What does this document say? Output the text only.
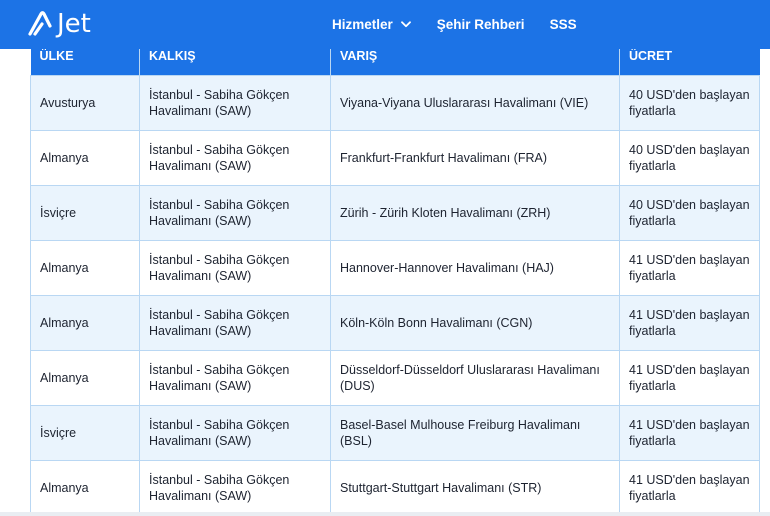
ÜLKE	KALKIŞ	VARIŞ	ÜCRET
Avusturya	İstanbul - Sabiha Gökçen Havalimanı (SAW)	Viyana-Viyana Uluslararası Havalimanı (VIE)	40 USD'den başlayan fiyatlarla
Almanya	İstanbul - Sabiha Gökçen Havalimanı (SAW)	Frankfurt-Frankfurt Havalimanı (FRA)	40 USD'den başlayan fiyatlarla
İsviçre	İstanbul - Sabiha Gökçen Havalimanı (SAW)	Zürih - Zürih Kloten Havalimanı (ZRH)	40 USD'den başlayan fiyatlarla
Almanya	İstanbul - Sabiha Gökçen Havalimanı (SAW)	Hannover-Hannover Havalimanı (HAJ)	41 USD'den başlayan fiyatlarla
Almanya	İstanbul - Sabiha Gökçen Havalimanı (SAW)	Köln-Köln Bonn Havalimanı (CGN)	41 USD'den başlayan fiyatlarla
Almanya	İstanbul - Sabiha Gökçen Havalimanı (SAW)	Düsseldorf-Düsseldorf Uluslararası Havalimanı (DUS)	41 USD'den başlayan fiyatlarla
İsviçre	İstanbul - Sabiha Gökçen Havalimanı (SAW)	Basel-Basel Mulhouse Freiburg Havalimanı (BSL)	41 USD'den başlayan fiyatlarla
Almanya	İstanbul - Sabiha Gökçen Havalimanı (SAW)	Stuttgart-Stuttgart Havalimanı (STR)	41 USD'den başlayan fiyatlarla
Jet	Hizmetler	Şehir Rehberi SSS
